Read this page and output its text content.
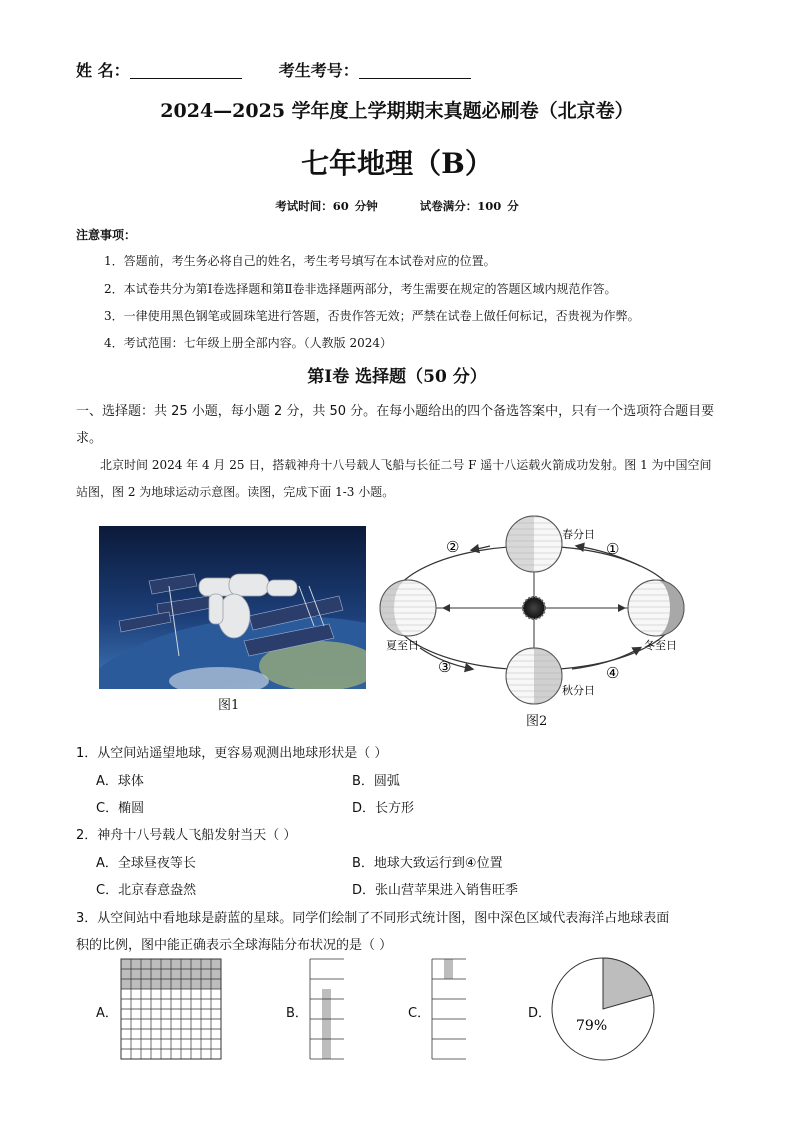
姓 名：	考生考号：
2024—2025 学年度上学期期末真题必刷卷（北京卷）
七年地理（B）
考试时间：60 分钟	试卷满分：100 分
注意事项：
1．答题前，考生务必将自己的姓名，考生考号填写在本试卷对应的位置。
2．本试卷共分为第Ⅰ卷选择题和第Ⅱ卷非选择题两部分，考生需要在规定的答题区域内规范作答。
3．一律使用黑色钢笔或圆珠笔进行答题，否贵作答无效；严禁在试卷上做任何标记，否贵视为作弊。
4．考试范围：七年级上册全部内容。（人教版 2024）
第Ⅰ卷 选择题（50 分）
一、选择题：共 25 小题，每小题 2 分，共 50 分。在每小题给出的四个备选答案中，只有一个选项符合题目要求。
北京时间 2024 年 4 月 25 日，搭载神舟十八号载人飞船与长征二号 F 遥十八运载火箭成功发射。图 1 为中国空间站图，图 2 为地球运动示意图。读图，完成下面 1-3 小题。
图1
春分日
夏至日	冬至日
秋分日
②	①
③	④
图2
1．从空间站遥望地球，更容易观测出地球形状是（ ）
A．球体	B．圆弧
C．椭圆	D．长方形
2．神舟十八号载人飞船发射当天（ ）
A．全球昼夜等长	B．地球大致运行到④位置
C．北京春意盎然	D．张山营苹果进入销售旺季
3．从空间站中看地球是蔚蓝的星球。同学们绘制了不同形式统计图，图中深色区域代表海洋占地球表面
积的比例，图中能正确表示全球海陆分布状况的是（ ）
A．	B．	C．	D．
79%
